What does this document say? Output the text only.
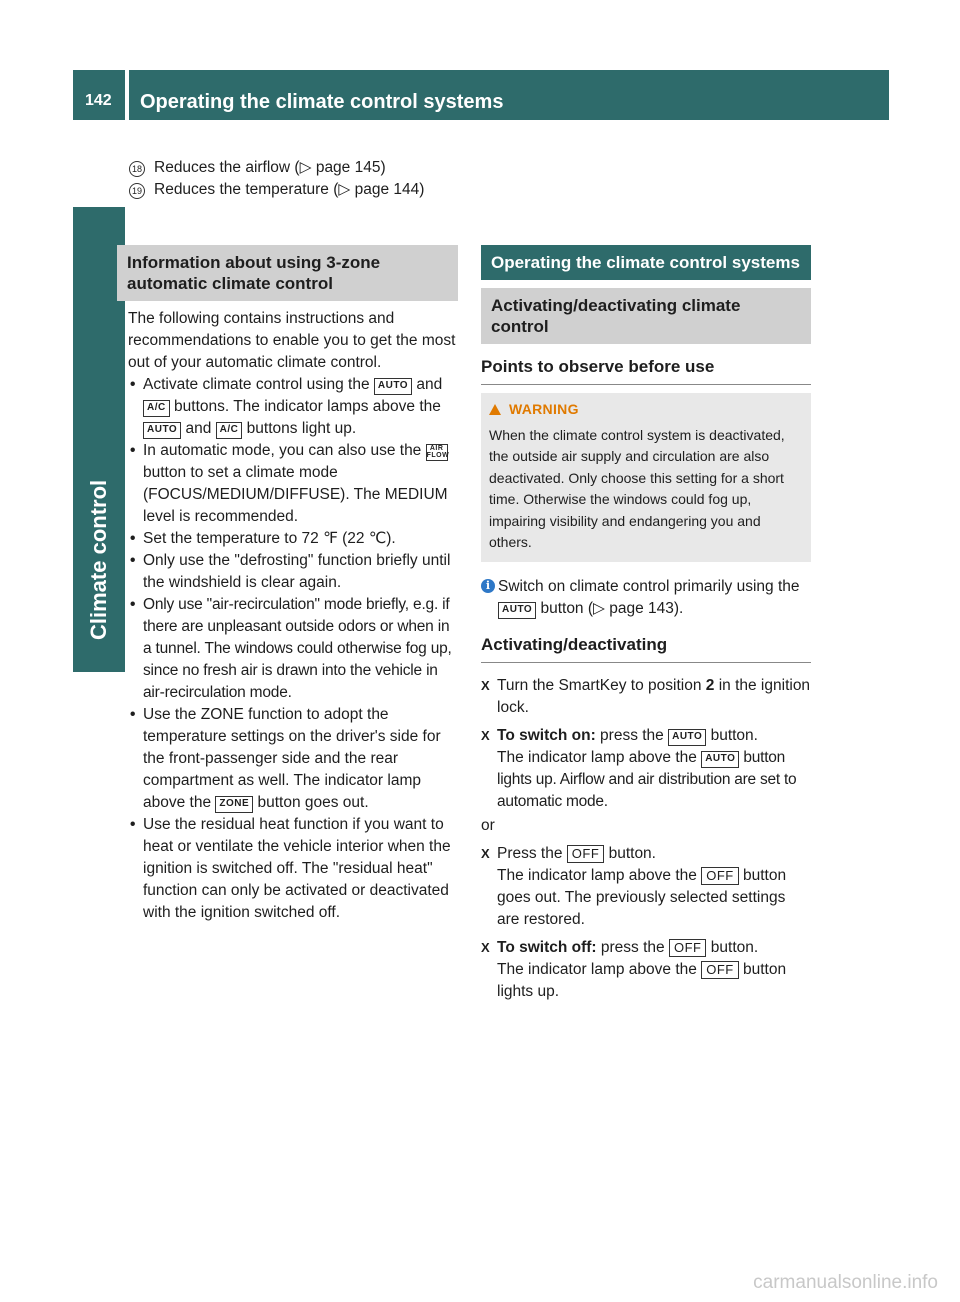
142 Operating the climate control systems
Climate control
18 Reduces the airflow (▷ page 145)
19 Reduces the temperature (▷ page 144)
Information about using 3-zone automatic climate control

The following contains instructions and recommendations to enable you to get the most out of your automatic climate control.

• Activate climate control using the AUTO and A/C buttons. The indicator lamps above the AUTO and A/C buttons light up.
• In automatic mode, you can also use the AIR FLOW button to set a climate mode (FOCUS/MEDIUM/DIFFUSE). The MEDIUM level is recommended.
• Set the temperature to 72 ℉ (22 ℃).
• Only use the "defrosting" function briefly until the windshield is clear again.
• Only use "air-recirculation" mode briefly, e.g. if there are unpleasant outside odors or when in a tunnel. The windows could otherwise fog up, since no fresh air is drawn into the vehicle in air-recirculation mode.
• Use the ZONE function to adopt the temperature settings on the driver's side for the front-passenger side and the rear compartment as well. The indicator lamp above the ZONE button goes out.
• Use the residual heat function if you want to heat or ventilate the vehicle interior when the ignition is switched off. The "residual heat" function can only be activated or deactivated with the ignition switched off.
Operating the climate control systems
Activating/deactivating climate control
Points to observe before use
WARNING

When the climate control system is deactivated, the outside air supply and circulation are also deactivated. Only choose this setting for a short time. Otherwise the windows could fog up, impairing visibility and endangering you and others.

i Switch on climate control primarily using the AUTO button (▷ page 143).
Activating/deactivating
X Turn the SmartKey to position 2 in the ignition lock.
X To switch on: press the AUTO button.
The indicator lamp above the AUTO button lights up. Airflow and air distribution are set to automatic mode.

or

X Press the OFF button.
The indicator lamp above the OFF button goes out. The previously selected settings are restored.
X To switch off: press the OFF button.
The indicator lamp above the OFF button lights up.
carmanualsonline.info
